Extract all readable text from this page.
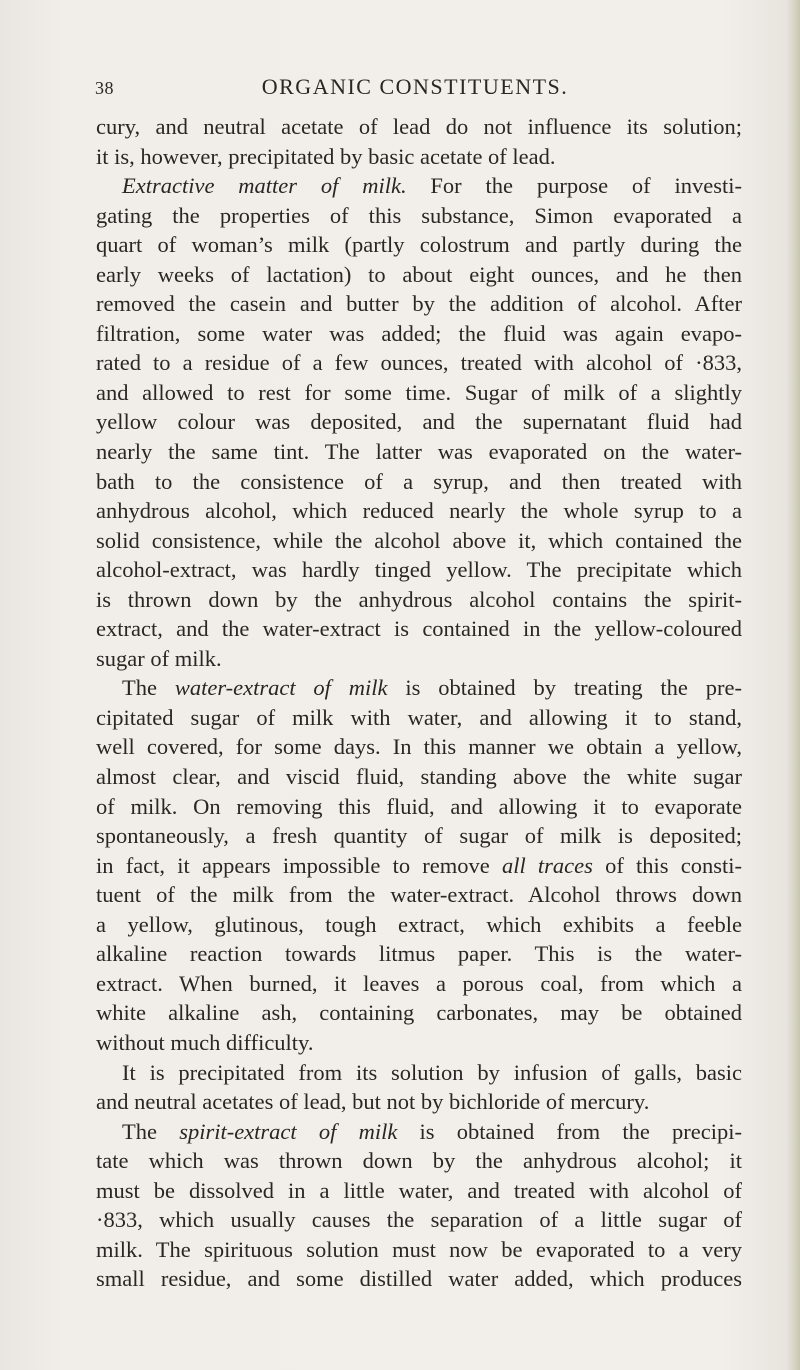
38	ORGANIC CONSTITUENTS.
cury, and neutral acetate of lead do not influence its solution;
it is, however, precipitated by basic acetate of lead.
Extractive matter of milk. For the purpose of investi-
gating the properties of this substance, Simon evaporated a
quart of woman’s milk (partly colostrum and partly during the
early weeks of lactation) to about eight ounces, and he then
removed the casein and butter by the addition of alcohol. After
filtration, some water was added; the fluid was again evapo-
rated to a residue of a few ounces, treated with alcohol of ·833,
and allowed to rest for some time. Sugar of milk of a slightly
yellow colour was deposited, and the supernatant fluid had
nearly the same tint. The latter was evaporated on the water-
bath to the consistence of a syrup, and then treated with
anhydrous alcohol, which reduced nearly the whole syrup to a
solid consistence, while the alcohol above it, which contained the
alcohol-extract, was hardly tinged yellow. The precipitate which
is thrown down by the anhydrous alcohol contains the spirit-
extract, and the water-extract is contained in the yellow-coloured
sugar of milk.
The water-extract of milk is obtained by treating the pre-
cipitated sugar of milk with water, and allowing it to stand,
well covered, for some days. In this manner we obtain a yellow,
almost clear, and viscid fluid, standing above the white sugar
of milk. On removing this fluid, and allowing it to evaporate
spontaneously, a fresh quantity of sugar of milk is deposited;
in fact, it appears impossible to remove all traces of this consti-
tuent of the milk from the water-extract. Alcohol throws down
a yellow, glutinous, tough extract, which exhibits a feeble
alkaline reaction towards litmus paper. This is the water-
extract. When burned, it leaves a porous coal, from which a
white alkaline ash, containing carbonates, may be obtained
without much difficulty.
It is precipitated from its solution by infusion of galls, basic
and neutral acetates of lead, but not by bichloride of mercury.
The spirit-extract of milk is obtained from the precipi-
tate which was thrown down by the anhydrous alcohol; it
must be dissolved in a little water, and treated with alcohol of
·833, which usually causes the separation of a little sugar of
milk. The spirituous solution must now be evaporated to a very
small residue, and some distilled water added, which produces
